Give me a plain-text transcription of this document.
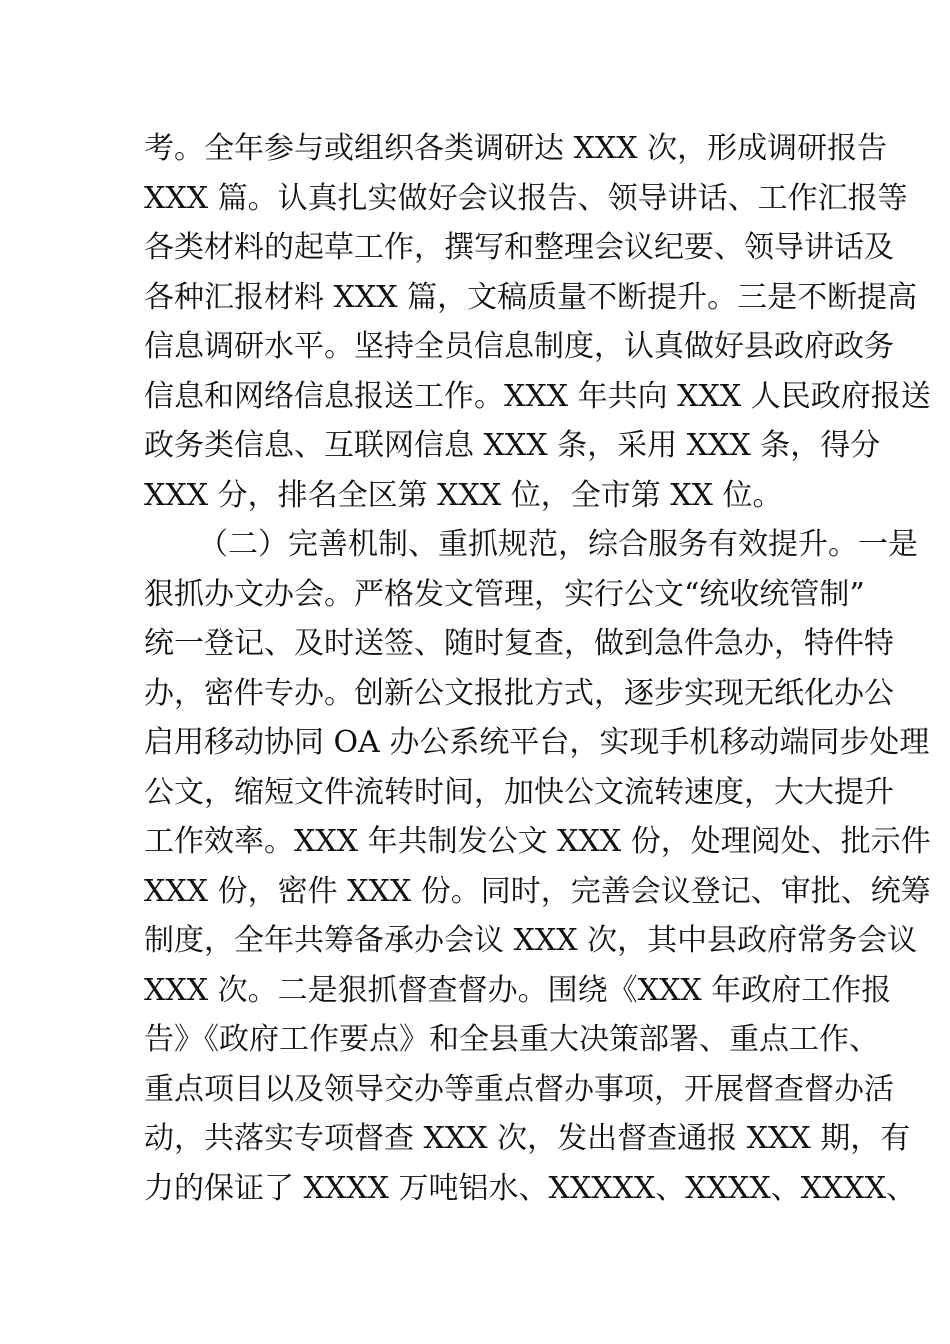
考。全年参与或组织各类调研达 XXX 次，形成调研报告
XXX 篇。认真扎实做好会议报告、领导讲话、工作汇报等
各类材料的起草工作，撰写和整理会议纪要、领导讲话及
各种汇报材料 XXX 篇，文稿质量不断提升。三是不断提高
信息调研水平。坚持全员信息制度，认真做好县政府政务
信息和网络信息报送工作。XXX 年共向 XXX 人民政府报送
政务类信息、互联网信息 XXX 条，采用 XXX 条，得分
XXX 分，排名全区第 XXX 位，全市第 XX 位。
（二）完善机制、重抓规范，综合服务有效提升。一是
狠抓办文办会。严格发文管理，实行公文“统收统管制”
统一登记、及时送签、随时复查，做到急件急办，特件特
办，密件专办。创新公文报批方式，逐步实现无纸化办公
启用移动协同 OA 办公系统平台，实现手机移动端同步处理
公文，缩短文件流转时间，加快公文流转速度，大大提升
工作效率。XXX 年共制发公文 XXX 份，处理阅处、批示件
XXX 份，密件 XXX 份。同时，完善会议登记、审批、统筹
制度，全年共筹备承办会议 XXX 次，其中县政府常务会议
XXX 次。二是狠抓督查督办。围绕《XXX 年政府工作报
告》《政府工作要点》和全县重大决策部署、重点工作、
重点项目以及领导交办等重点督办事项，开展督查督办活
动，共落实专项督查 XXX 次，发出督查通报 XXX 期，有
力的保证了 XXXX 万吨铝水、XXXXX、XXXX、XXXX、
